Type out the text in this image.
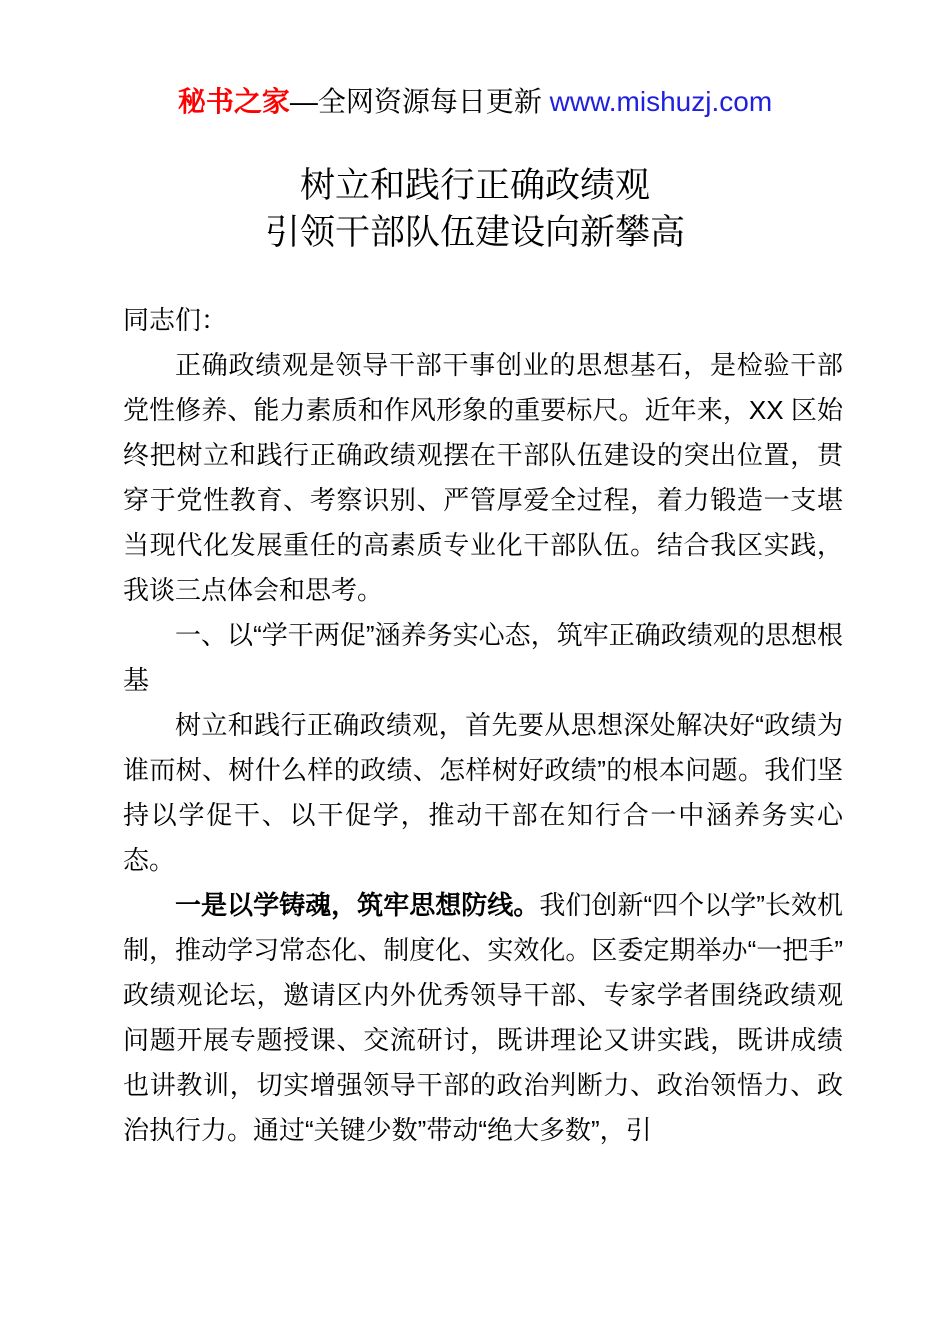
秘书之家—全网资源每日更新 www.mishuzj.com
树立和践行正确政绩观
引领干部队伍建设向新攀高

同志们：

正确政绩观是领导干部干事创业的思想基石，是检验干部党性修养、能力素质和作风形象的重要标尺。近年来，XX 区始终把树立和践行正确政绩观摆在干部队伍建设的突出位置，贯穿于党性教育、考察识别、严管厚爱全过程，着力锻造一支堪当现代化发展重任的高素质专业化干部队伍。结合我区实践，我谈三点体会和思考。

一、以“学干两促”涵养务实心态，筑牢正确政绩观的思想根基

树立和践行正确政绩观，首先要从思想深处解决好“政绩为谁而树、树什么样的政绩、怎样树好政绩”的根本问题。我们坚持以学促干、以干促学，推动干部在知行合一中涵养务实心态。

一是以学铸魂，筑牢思想防线。我们创新“四个以学”长效机制，推动学习常态化、制度化、实效化。区委定期举办“一把手”政绩观论坛，邀请区内外优秀领导干部、专家学者围绕政绩观问题开展专题授课、交流研讨，既讲理论又讲实践，既讲成绩也讲教训，切实增强领导干部的政治判断力、政治领悟力、政治执行力。通过“关键少数”带动“绝大多数”，引
